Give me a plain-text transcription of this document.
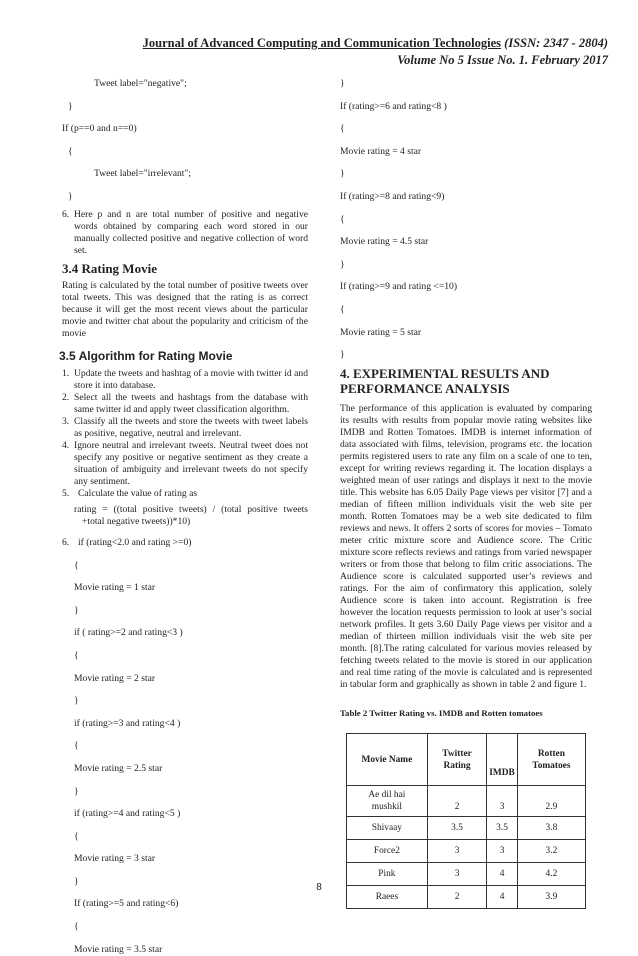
Journal of Advanced Computing and Communication Technologies (ISSN: 2347 - 2804)
Volume No 5 Issue No. 1. February 2017
Tweet label="negative";
}
If (p==0 and n==0)
{
Tweet label="irrelevant";
}
6. Here p and n are total number of positive and negative words obtained by comparing each word stored in our manually collected positive and negative collection of word set.
3.4 Rating Movie
Rating is calculated by the total number of positive tweets over total tweets. This was designed that the rating is as correct because it will get the most recent views about the particular movie and twitter chat about the popularity and criticism of the movie
3.5 Algorithm for Rating Movie
1. Update the tweets and hashtag of a movie with twitter id and store it into database.
2. Select all the tweets and hashtags from the database with same twitter id and apply tweet classification algorithm.
3. Classify all the tweets and store the tweets with tweet labels as positive, negative, neutral and irrelevant.
4. Ignore neutral and irrelevant tweets. Neutral tweet does not specify any positive or negative sentiment as they create a situation of ambiguity and irrelevant tweets do not specify any sentiment.
5. Calculate the value of rating as
rating = ((total positive tweets) / (total positive tweets
+total negative tweets))*10)
6. if (rating<2.0 and rating >=0)
{
Movie rating = 1 star
}
if ( rating>=2 and rating<3 )
{
Movie rating = 2 star
}
if (rating>=3 and rating<4 )
{
Movie rating = 2.5 star
}
if (rating>=4 and rating<5 )
{
Movie rating = 3 star
}
If (rating>=5 and rating<6)
{
Movie rating = 3.5 star
}
If (rating>=6 and rating<8 )
{
Movie rating = 4 star
}
If (rating>=8 and rating<9)
{
Movie rating = 4.5 star
}
If (rating>=9 and rating <=10)
{
Movie rating = 5 star
}
4. EXPERIMENTAL RESULTS AND PERFORMANCE ANALYSIS
The performance of this application is evaluated by comparing its results with results from popular movie rating websites like IMDB and Rotten Tomatoes. IMDB is internet information of data associated with films, television, programs etc. the location permits registered users to rate any film on a scale of one to ten, except for writing reviews regarding it. The location displays a weighted mean of user ratings and displays it next to the movie title. This website has 6.05 Daily Page views per visitor [7] and a median of fifteen million individuals visit the web site per month. Rotten Tomatoes may be a web site dedicated to film reviews and news. It offers 2 sorts of scores for movies – Tomato meter critic mixture score and Audience score. The Critic mixture score reflects reviews and ratings from varied newspaper writers or from those that belong to film critic associations. The Audience score is calculated supported user’s reviews and ratings. For the aim of confirmatory this application, solely Audience score is taken into account. Registration is free however the location requests permission to look at user’s social network profiles. It gets 3.60 Daily Page views per visitor and a median of thirteen million individuals visit the web site per month. [8].The rating calculated for various movies released by fetching tweets related to the movie is stored in our application and real time rating of the movie is calculated and is represented in tabular form and graphically as shown in table 2 and figure 1.
Table 2 Twitter Rating vs. IMDB and Rotten tomatoes
Movie Name	Twitter Rating	IMDB	Rotten Tomatoes
Ae dil hai mushkil	2	3	2.9
Shivaay	3.5	3.5	3.8
Force2	3	3	3.2
Pink	3	4	4.2
Raees	2	4	3.9
8
